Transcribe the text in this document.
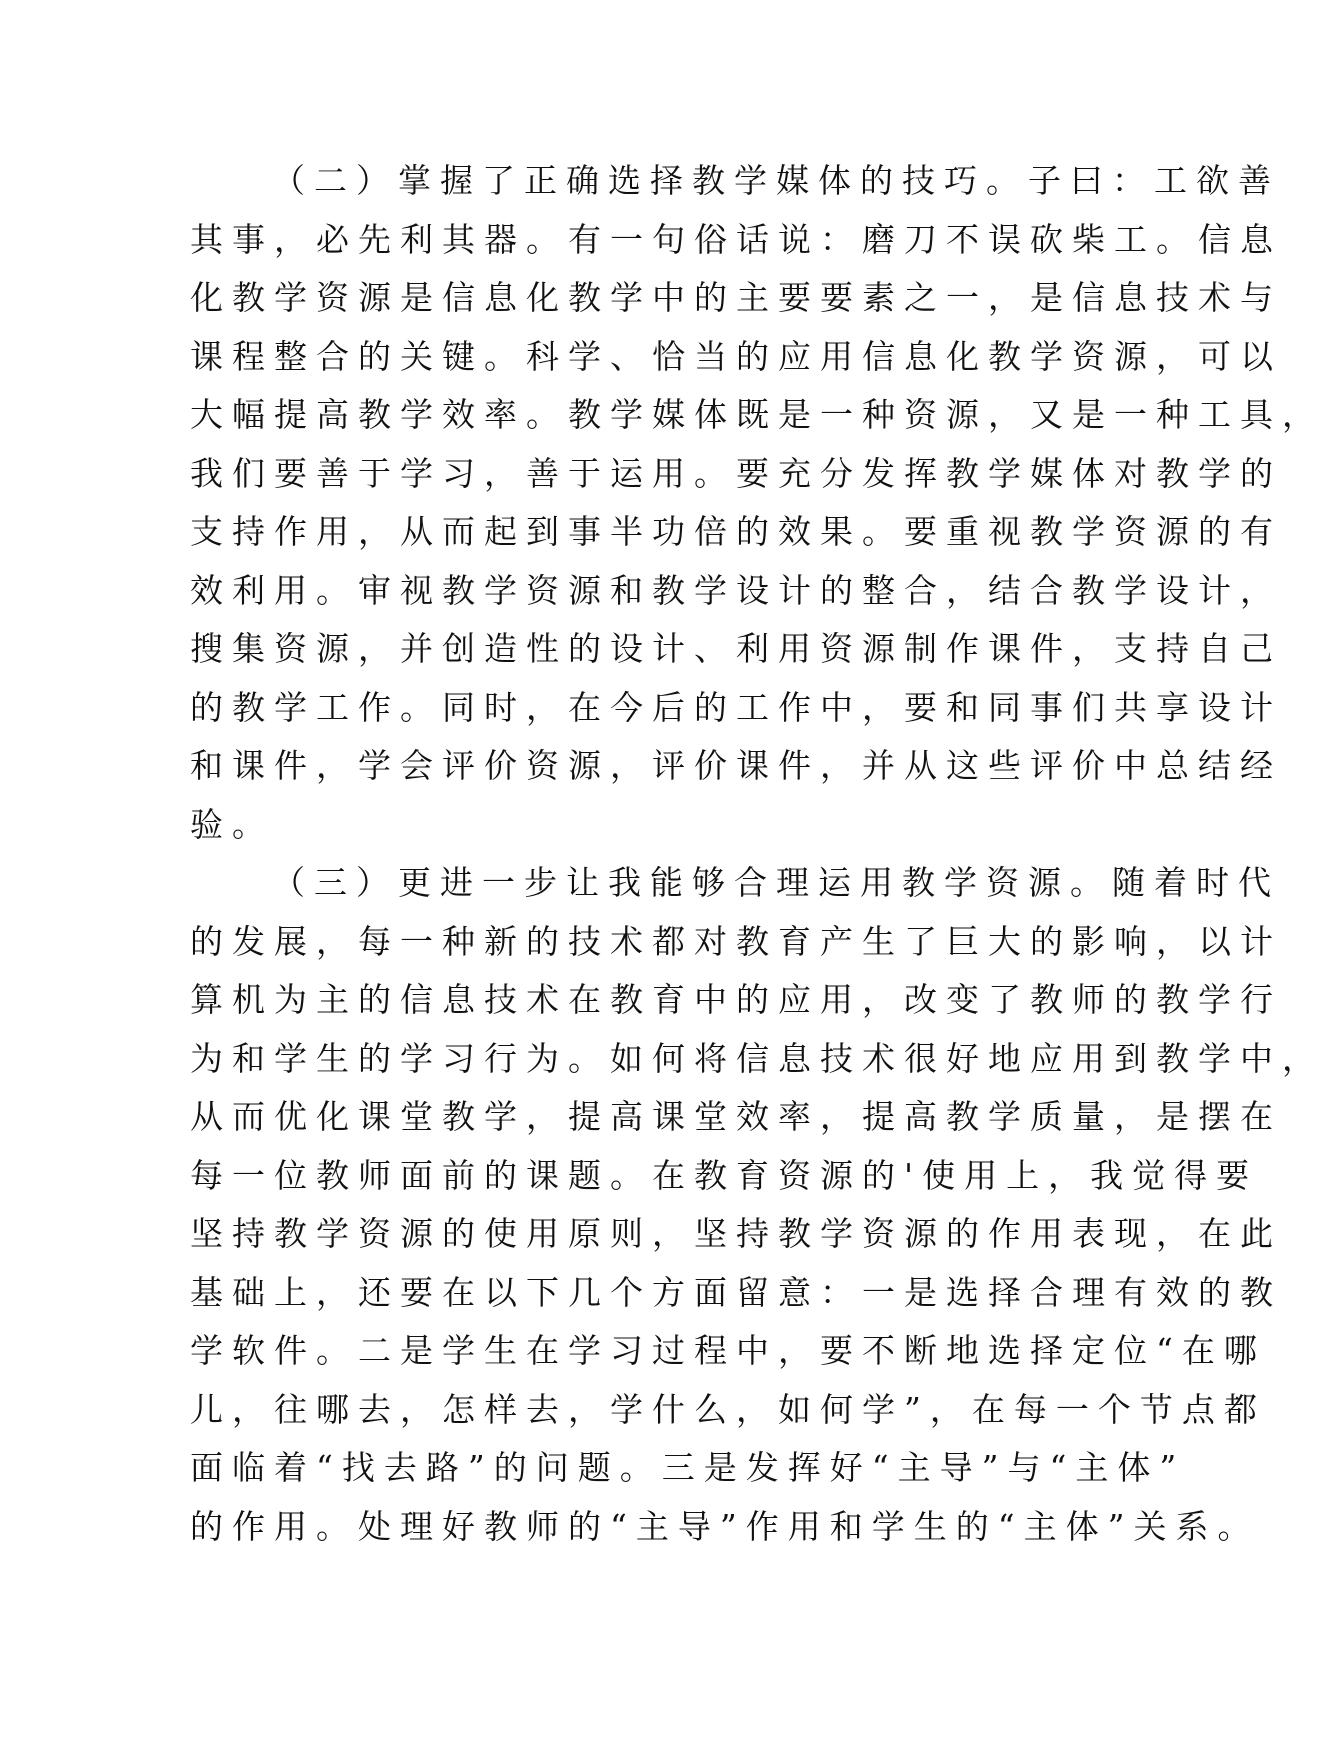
（二）掌握了正确选择教学媒体的技巧。子曰：工欲善
其事，必先利其器。有一句俗话说：磨刀不误砍柴工。信息
化教学资源是信息化教学中的主要要素之一，是信息技术与
课程整合的关键。科学、恰当的应用信息化教学资源，可以
大幅提高教学效率。教学媒体既是一种资源，又是一种工具，
我们要善于学习，善于运用。要充分发挥教学媒体对教学的
支持作用，从而起到事半功倍的效果。要重视教学资源的有
效利用。审视教学资源和教学设计的整合，结合教学设计，
搜集资源，并创造性的设计、利用资源制作课件，支持自己
的教学工作。同时，在今后的工作中，要和同事们共享设计
和课件，学会评价资源，评价课件，并从这些评价中总结经
验。
（三）更进一步让我能够合理运用教学资源。随着时代
的发展，每一种新的技术都对教育产生了巨大的影响，以计
算机为主的信息技术在教育中的应用，改变了教师的教学行
为和学生的学习行为。如何将信息技术很好地应用到教学中，
从而优化课堂教学，提高课堂效率，提高教学质量，是摆在
每一位教师面前的课题。在教育资源的'使用上，我觉得要
坚持教学资源的使用原则，坚持教学资源的作用表现，在此
基础上，还要在以下几个方面留意：一是选择合理有效的教
学软件。二是学生在学习过程中，要不断地选择定位“在哪
儿，往哪去，怎样去，学什么，如何学”，在每一个节点都
面临着“找去路”的问题。三是发挥好“主导”与“主体”
的作用。处理好教师的“主导”作用和学生的“主体”关系。
